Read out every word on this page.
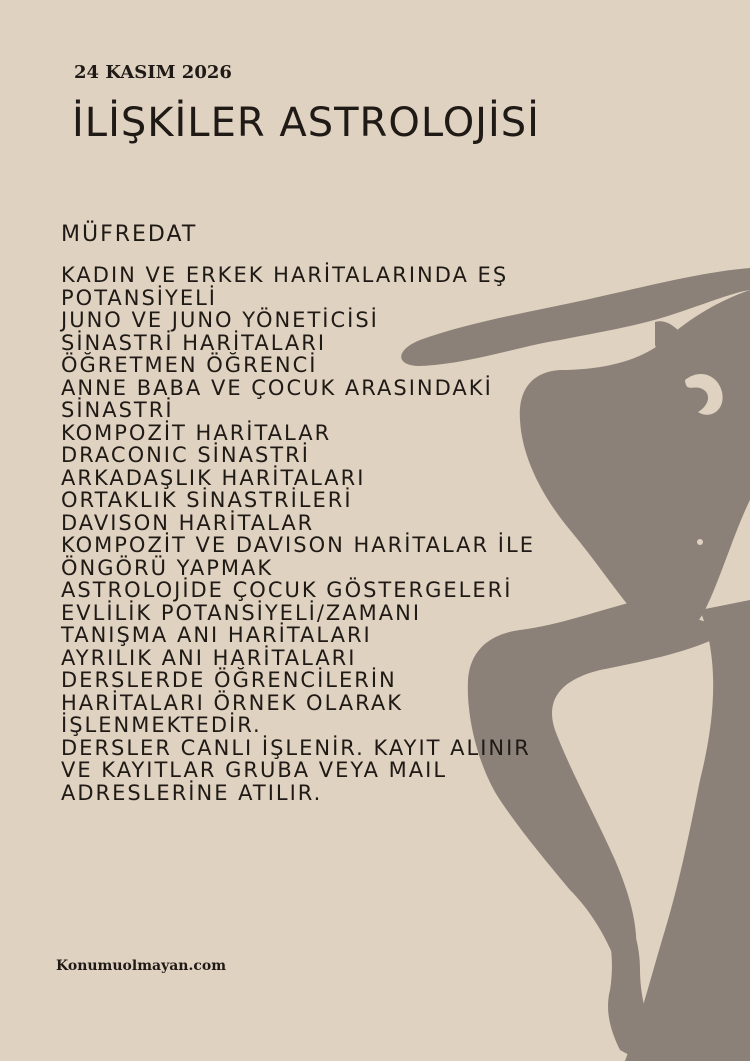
24 KASIM 2026
İLİŞKİLER ASTROLOJİSİ
MÜFREDAT
KADIN VE ERKEK HARİTALARINDA EŞ
POTANSİYELİ
JUNO VE JUNO YÖNETİCİSİ
SİNASTRİ HARİTALARI
ÖĞRETMEN ÖĞRENCİ
ANNE BABA VE ÇOCUK ARASINDAKİ
SİNASTRİ
KOMPOZİT HARİTALAR
DRACONIC SİNASTRİ
ARKADAŞLIK HARİTALARI
ORTAKLIK SİNASTRİLERİ
DAVISON HARİTALAR
KOMPOZİT VE DAVISON HARİTALAR İLE
ÖNGÖRÜ YAPMAK
ASTROLOJİDE ÇOCUK GÖSTERGELERİ
EVLİLİK POTANSİYELİ/ZAMANI
TANIŞMA ANI HARİTALARI
AYRILIK ANI HARİTALARI
DERSLERDE ÖĞRENCİLERİN
HARİTALARI ÖRNEK OLARAK
İŞLENMEKTEDİR.
DERSLER CANLI İŞLENİR. KAYIT ALINIR
VE KAYITLAR GRUBA VEYA MAIL
ADRESLERİNE ATILIR.
Konumuolmayan.com
